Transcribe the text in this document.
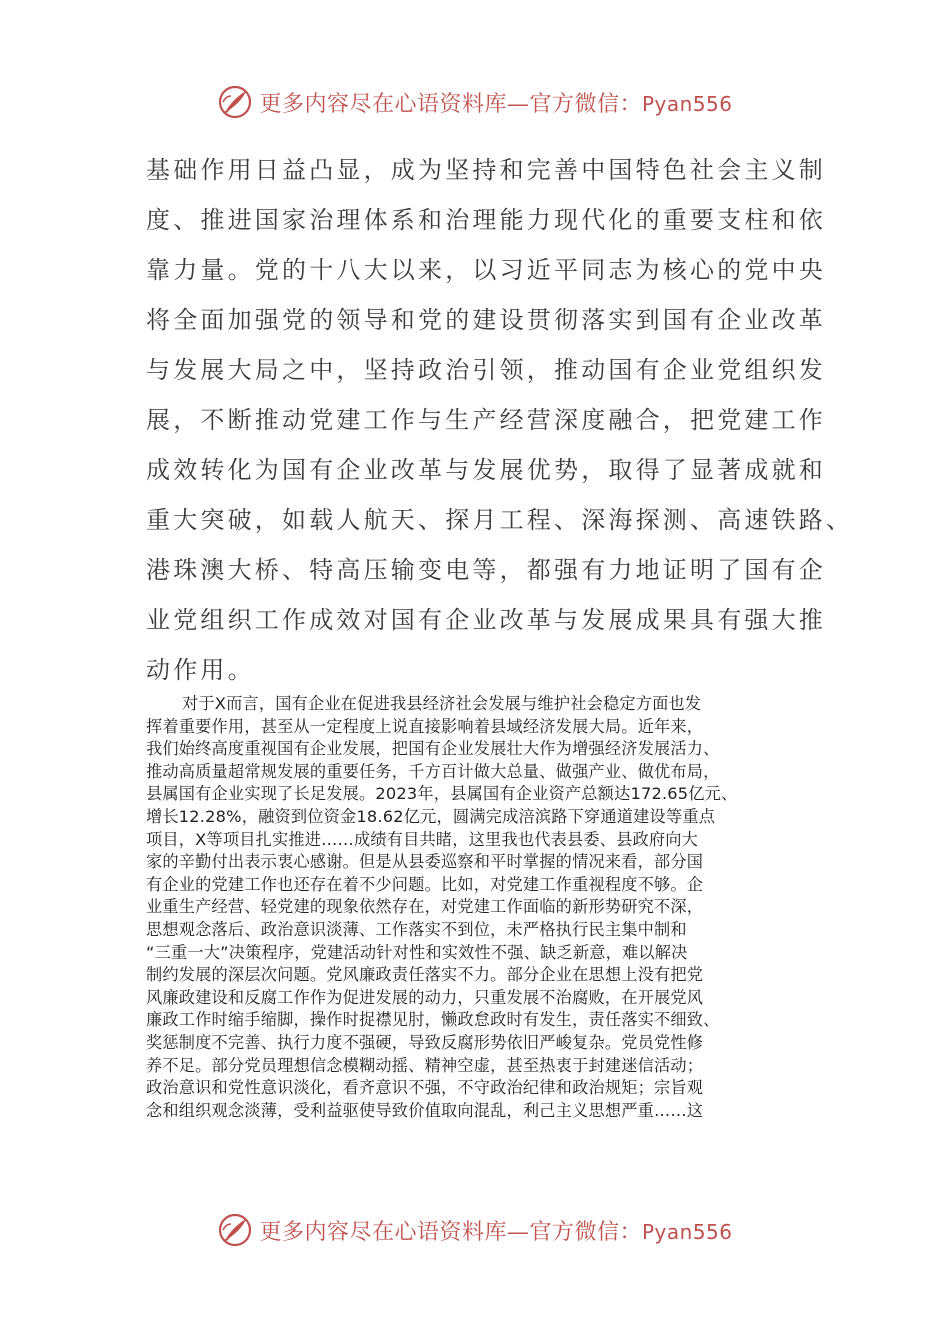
更多内容尽在心语资料库—官方微信：Pyan556
基础作用日益凸显，成为坚持和完善中国特色社会主义制
度、推进国家治理体系和治理能力现代化的重要支柱和依
靠力量。党的十八大以来，以习近平同志为核心的党中央
将全面加强党的领导和党的建设贯彻落实到国有企业改革
与发展大局之中，坚持政治引领，推动国有企业党组织发
展，不断推动党建工作与生产经营深度融合，把党建工作
成效转化为国有企业改革与发展优势，取得了显著成就和
重大突破，如载人航天、探月工程、深海探测、高速铁路、
港珠澳大桥、特高压输变电等，都强有力地证明了国有企
业党组织工作成效对国有企业改革与发展成果具有强大推
动作用。
对于X而言，国有企业在促进我县经济社会发展与维护社会稳定方面也发
挥着重要作用，甚至从一定程度上说直接影响着县域经济发展大局。近年来，
我们始终高度重视国有企业发展，把国有企业发展壮大作为增强经济发展活力、
推动高质量超常规发展的重要任务，千方百计做大总量、做强产业、做优布局，
县属国有企业实现了长足发展。2023年，县属国有企业资产总额达172.65亿元、
增长12.28%，融资到位资金18.62亿元，圆满完成涪滨路下穿通道建设等重点
项目，X等项目扎实推进……成绩有目共睹，这里我也代表县委、县政府向大
家的辛勤付出表示衷心感谢。但是从县委巡察和平时掌握的情况来看，部分国
有企业的党建工作也还存在着不少问题。比如，对党建工作重视程度不够。企
业重生产经营、轻党建的现象依然存在，对党建工作面临的新形势研究不深，
思想观念落后、政治意识淡薄、工作落实不到位，未严格执行民主集中制和
“三重一大”决策程序，党建活动针对性和实效性不强、缺乏新意，难以解决
制约发展的深层次问题。党风廉政责任落实不力。部分企业在思想上没有把党
风廉政建设和反腐工作作为促进发展的动力，只重发展不治腐败，在开展党风
廉政工作时缩手缩脚，操作时捉襟见肘，懒政怠政时有发生，责任落实不细致、
奖惩制度不完善、执行力度不强硬，导致反腐形势依旧严峻复杂。党员党性修
养不足。部分党员理想信念模糊动摇、精神空虚，甚至热衷于封建迷信活动；
政治意识和党性意识淡化，看齐意识不强，不守政治纪律和政治规矩；宗旨观
念和组织观念淡薄，受利益驱使导致价值取向混乱，利己主义思想严重……这
更多内容尽在心语资料库—官方微信：Pyan556
